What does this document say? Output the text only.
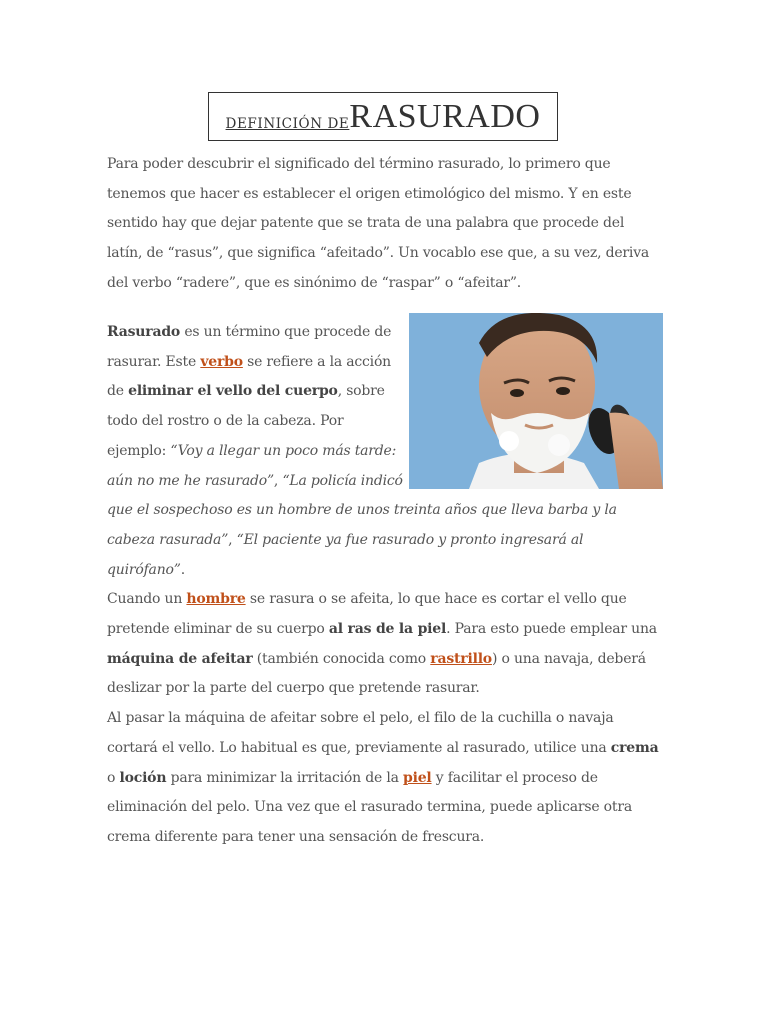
DEFINICIÓN DE RASURADO
Para poder descubrir el significado del término rasurado, lo primero que tenemos que hacer es establecer el origen etimológico del mismo. Y en este sentido hay que dejar patente que se trata de una palabra que procede del latín, de “rasus”, que significa “afeitado”. Un vocablo ese que, a su vez, deriva del verbo “radere”, que es sinónimo de “raspar” o “afeitar”.
Rasurado es un término que procede de rasurar. Este verbo se refiere a la acción de eliminar el vello del cuerpo, sobre todo del rostro o de la cabeza. Por ejemplo: “Voy a llegar un poco más tarde: aún no me he rasurado”, “La policía indicó que el sospechoso es un hombre de unos treinta años que lleva barba y la cabeza rasurada”, “El paciente ya fue rasurado y pronto ingresará al quirófano”.
Cuando un hombre se rasura o se afeita, lo que hace es cortar el vello que pretende eliminar de su cuerpo al ras de la piel. Para esto puede emplear una máquina de afeitar (también conocida como rastrillo) o una navaja, deberá deslizar por la parte del cuerpo que pretende rasurar.
Al pasar la máquina de afeitar sobre el pelo, el filo de la cuchilla o navaja cortará el vello. Lo habitual es que, previamente al rasurado, utilice una crema o loción para minimizar la irritación de la piel y facilitar el proceso de eliminación del pelo. Una vez que el rasurado termina, puede aplicarse otra crema diferente para tener una sensación de frescura.
